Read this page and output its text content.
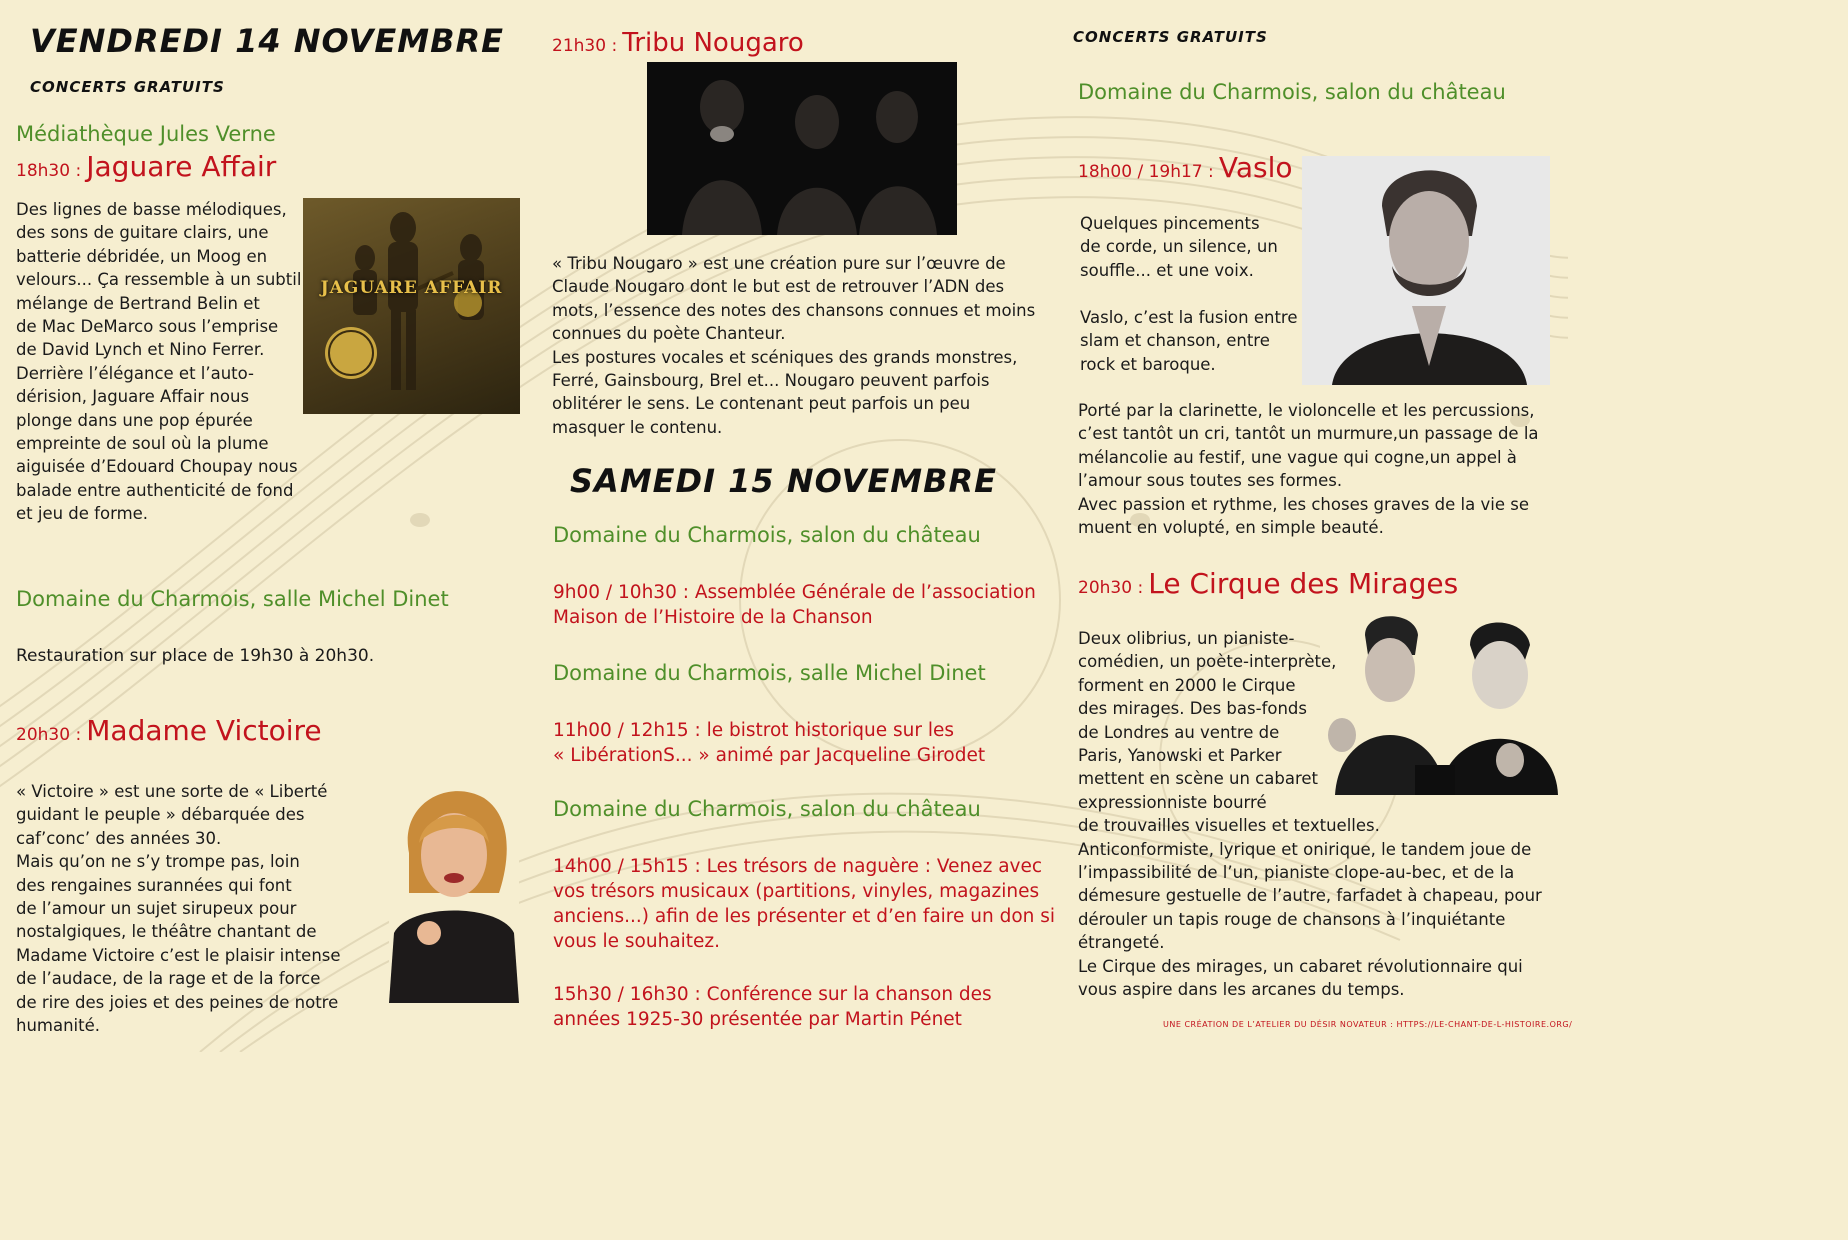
VENDREDI 14 NOVEMBRE
CONCERTS GRATUITS
Médiathèque Jules Verne
18h30 : Jaguare Affair
Des lignes de basse mélodiques,
des sons de guitare clairs, une
batterie débridée, un Moog en
velours... Ça ressemble à un subtil
mélange de Bertrand Belin et
de Mac DeMarco sous l’emprise
de David Lynch et Nino Ferrer.
Derrière l’élégance et l’auto-
dérision, Jaguare Affair nous
plonge dans une pop épurée
empreinte de soul où la plume
aiguisée d’Edouard Choupay nous
balade entre authenticité de fond
et jeu de forme.
JAGUARE AFFAIR
Domaine du Charmois, salle Michel Dinet
Restauration sur place de 19h30 à 20h30.
20h30 : Madame Victoire
« Victoire » est une sorte de « Liberté
guidant le peuple » débarquée des
caf’conc’ des années 30.
Mais qu’on ne s’y trompe pas, loin
des rengaines surannées qui font
de l’amour un sujet sirupeux pour
nostalgiques, le théâtre chantant de
Madame Victoire c’est le plaisir intense
de l’audace, de la rage et de la force
de rire des joies et des peines de notre
humanité.
21h30 : Tribu Nougaro
« Tribu Nougaro » est une création pure sur l’œuvre de
Claude Nougaro dont le but est de retrouver l’ADN des
mots, l’essence des notes des chansons connues et moins
connues du poète Chanteur.
Les postures vocales et scéniques des grands monstres,
Ferré, Gainsbourg, Brel et... Nougaro peuvent parfois
oblitérer le sens. Le contenant peut parfois un peu
masquer le contenu.
SAMEDI 15 NOVEMBRE
Domaine du Charmois, salon du château
9h00 / 10h30 : Assemblée Générale de l’association
Maison de l’Histoire de la Chanson
Domaine du Charmois, salle Michel Dinet
11h00 / 12h15 : le bistrot historique sur les
« LibérationS... » animé par Jacqueline Girodet
Domaine du Charmois, salon du château
14h00 / 15h15 : Les trésors de naguère : Venez avec
vos trésors musicaux (partitions, vinyles, magazines
anciens...) afin de les présenter et d’en faire un don si
vous le souhaitez.
15h30 / 16h30 : Conférence sur la chanson des
années 1925-30 présentée par Martin Pénet
CONCERTS GRATUITS
Domaine du Charmois, salon du château
18h00 / 19h17 : Vaslo
Quelques pincements
de corde, un silence, un
souffle... et une voix.
Vaslo, c’est la fusion entre
slam et chanson, entre
rock et baroque.
Porté par la clarinette, le violoncelle et les percussions,
c’est tantôt un cri, tantôt un murmure,un passage de la
mélancolie au festif, une vague qui cogne,un appel à
l’amour sous toutes ses formes.
Avec passion et rythme, les choses graves de la vie se
muent en volupté, en simple beauté.
20h30 : Le Cirque des Mirages
Deux olibrius, un pianiste-
comédien, un poète-interprète,
forment en 2000 le Cirque
des mirages. Des bas-fonds
de Londres au ventre de
Paris, Yanowski et Parker
mettent en scène un cabaret
expressionniste bourré
de trouvailles visuelles et textuelles.
Anticonformiste, lyrique et onirique, le tandem joue de
l’impassibilité de l’un, pianiste clope-au-bec, et de la
démesure gestuelle de l’autre, farfadet à chapeau, pour
dérouler un tapis rouge de chansons à l’inquiétante
étrangeté.
Le Cirque des mirages, un cabaret révolutionnaire qui
vous aspire dans les arcanes du temps.
UNE CRÉATION DE L’ATELIER DU DÉSIR NOVATEUR : HTTPS://LE-CHANT-DE-L-HISTOIRE.ORG/
